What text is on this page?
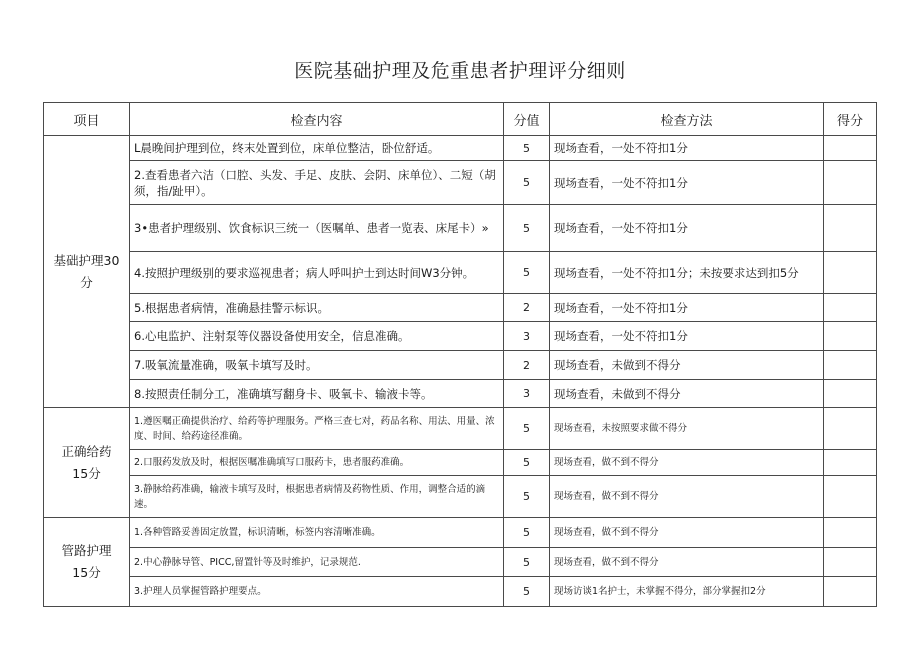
医院基础护理及危重患者护理评分细则
项目	检查内容	分值	检查方法	得分
基础护理30分	L晨晚间护理到位，终末处置到位，床单位整洁，卧位舒适。	5	现场查看，一处不符扣1分	
	2.查看患者六洁（口腔、头发、手足、皮肤、会阴、床单位）、二短（胡须，指/趾甲）。	5	现场查看，一处不符扣1分	
	3•患者护理级别、饮食标识三统一（医嘱单、患者一览表、床尾卡）»	5	现场查看，一处不符扣1分	
	4.按照护理级别的要求巡视患者；病人呼叫护士到达时间W3分钟。	5	现场查看，一处不符扣1分；未按要求达到扣5分	
	5.根据患者病情，准确悬挂警示标识。	2	现场查看，一处不符扣1分	
	6.心电监护、注射泵等仪器设备使用安全，信息准确。	3	现场查看，一处不符扣1分	
	7.吸氧流量准确，吸氧卡填写及时。	2	现场查看，未做到不得分	
	8.按照责任制分工，准确填写翻身卡、吸氧卡、输液卡等。	3	现场查看，未做到不得分	

正确给药
15分	1.遵医嘱正确提供治疗、给药等护理服务。严格三查七对，药品名称、用法、用量、浓度、时间、给药途径准确。	5	现场查看，未按照要求做不得分	
	2.口服药发放及时，根据医嘱准确填写口服药卡，患者服药准确。	5	现场查看，做不到不得分	
	3.静脉给药准确，输液卡填写及时，根据患者病情及药物性质、作用，调整合适的滴速。	5	现场查看，做不到不得分	

管路护理
15分	1.各种管路妥善固定放置，标识清晰，标签内容清晰准确。	5	现场查看，做不到不得分	
	2.中心静脉导管、PICC,留置针等及时维护，记录规范.	5	现场查看，做不到不得分	
	3.护理人员掌握管路护理要点。	5	现场访谈1名护士，未掌握不得分，部分掌握扣2分	
